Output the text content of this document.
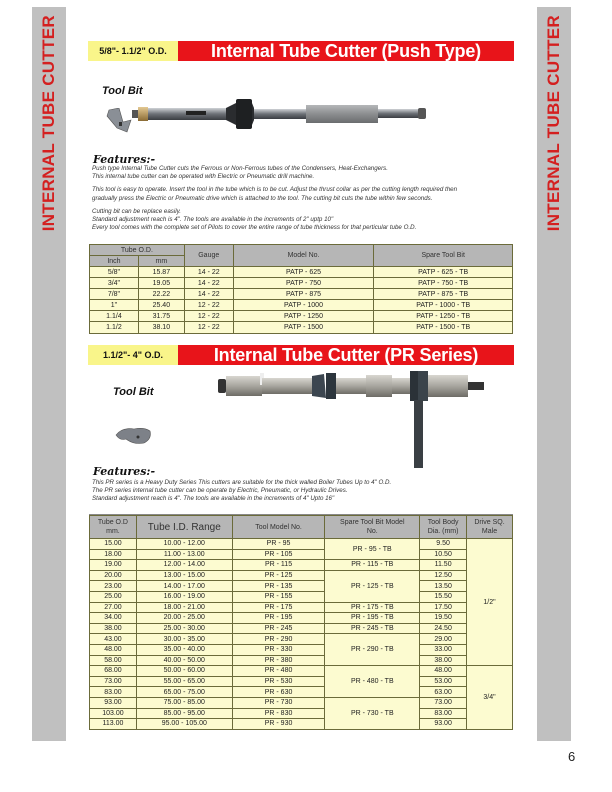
INTERNAL TUBE CUTTER	INTERNAL TUBE CUTTER
6
5/8"- 1.1/2" O.D.	Internal Tube Cutter (Push Type)
Tool Bit
Features:-
Push type Internal Tube Cutter cuts the Ferrous or Non-Ferrous tubes of the Condensers, Heat-Exchangers.
This internal tube cutter can be operated with Electric or Pneumatic drill machine.
This tool is easy to operate. Insert the tool in the tube which is to be cut. Adjust the thrust collar as per the cutting length required then
gradually press the Electric or Pneumatic drive which is attached to the tool. The cutting bit cuts the tube within few seconds.
Cutting bit can be replace easily.
Standard adjustment reach is 4". The tools are available in the increments of 2" uptp 10"
Every tool comes with the complete set of Pilots to cover the entire range of tube thickness for that perticular tube O.D.
Tube O.D.		Gauge	Model No.	Spare Tool Bit
Inch	mm			
5/8"	15.87	14 - 22	PATP - 625	PATP - 625 - TB
3/4"	19.05	14 - 22	PATP - 750	PATP - 750 - TB
7/8"	22.22	14 - 22	PATP - 875	PATP - 875 - TB
1"	25.40	12 - 22	PATP - 1000	PATP - 1000 - TB
1.1/4	31.75	12 - 22	PATP - 1250	PATP - 1250 - TB
1.1/2	38.10	12 - 22	PATP - 1500	PATP - 1500 - TB
1.1/2"- 4" O.D.	Internal Tube Cutter (PR Series)
Tool Bit
Features:-
This PR series is a Heavy Duty Series This cutters are suitable for the thick walled Boiler Tubes Up to 4" O.D.
The PR series internal tube cutter can be operate by Electric, Pneumatic, or Hydraulic Drives.
Standard adjustment reach is 4". The tools are available in the increments of 4" Upto 16"
Tube O.D
mm.	Tube I.D. Range	Tool Model No.	Spare Tool Bit Model
No.	Tool Body
Dia. (mm)	Drive SQ.
Male
15.00	10.00 - 12.00	PR - 95	PR - 95 - TB	9.50	1/2"
18.00	11.00 - 13.00	PR - 105		10.50	
19.00	12.00 - 14.00	PR - 115	PR - 115 - TB	11.50	
20.00	13.00 - 15.00	PR - 125	PR - 125 - TB	12.50	
23.00	14.00 - 17.00	PR - 135		13.50	
25.00	16.00 - 19.00	PR - 155		15.50	
27.00	18.00 - 21.00	PR - 175	PR - 175 - TB	17.50	
34.00	20.00 - 25.00	PR - 195	PR - 195 - TB	19.50	
38.00	25.00 - 30.00	PR - 245	PR - 245 - TB	24.50	
43.00	30.00 - 35.00	PR - 290	PR - 290 - TB	29.00	
48.00	35.00 - 40.00	PR - 330		33.00	
58.00	40.00 - 50.00	PR - 380		38.00	
68.00	50.00 - 60.00	PR - 480	PR - 480 - TB	48.00	3/4"
73.00	55.00 - 65.00	PR - 530		53.00	
83.00	65.00 - 75.00	PR - 630		63.00	
93.00	75.00 - 85.00	PR - 730	PR - 730 - TB	73.00	
103.00	85.00 - 95.00	PR - 830		83.00	
113.00	95.00 - 105.00	PR - 930		93.00	
